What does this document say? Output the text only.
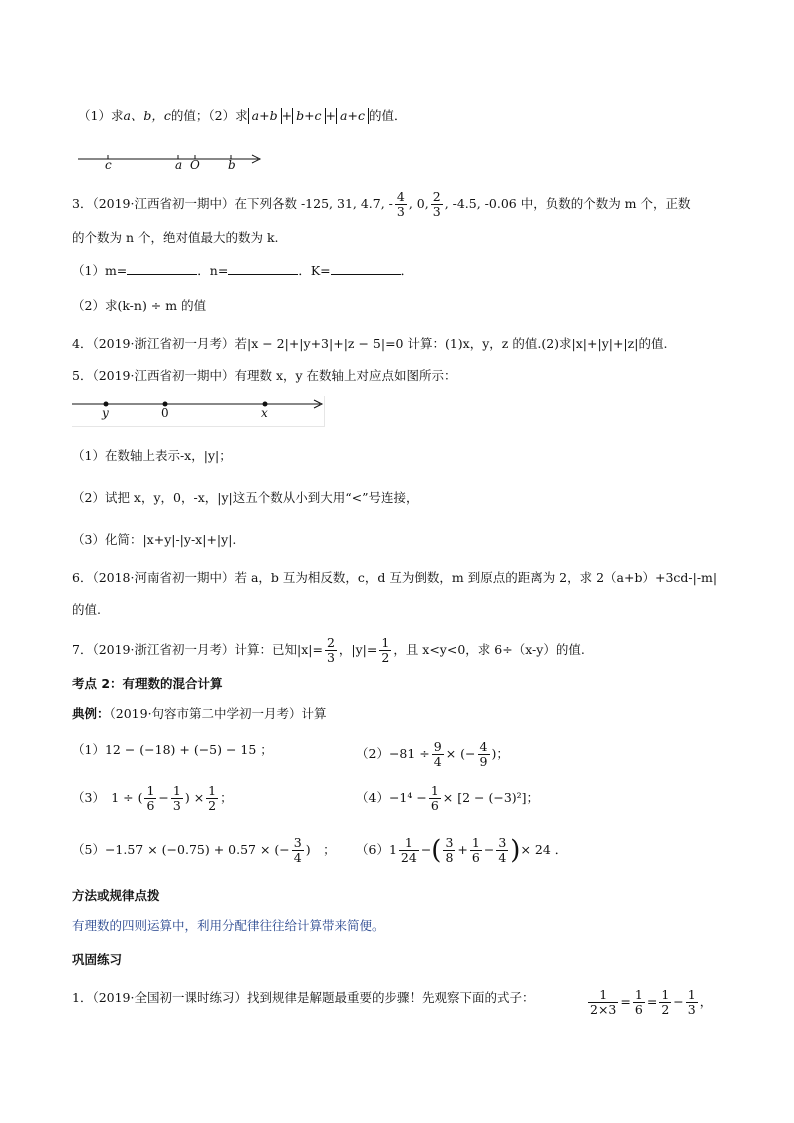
（1）求a、b，c的值；（2）求 a+b + b+c + a+c 的值．
c	a O b
3．（2019·江西省初一期中）在下列各数 -125, 31, 4.7, - $\frac{4}{3}$ , 0, $\frac{2}{3}$ , -4.5, -0.06 中，负数的个数为 m 个，正数
的个数为 n 个，绝对值最大的数为 k.
（1）m=	．n=	．K=	．
（2）求(k-n) ÷ m 的值
4．（2019·浙江省初一月考）若|x − 2|+|y+3|+|z − 5|=0 计算：(1)x，y，z 的值.(2)求|x|+|y|+|z|的值.
5．（2019·江西省初一期中）有理数 x，y 在数轴上对应点如图所示：
y	0	x
（1）在数轴上表示-x，|y|；
（2）试把 x，y，0，-x，|y|这五个数从小到大用“<”号连接，
（3）化简：|x+y|-|y-x|+|y|.
6．（2018·河南省初一期中）若 a，b 互为相反数，c，d 互为倒数，m 到原点的距离为 2，求 2（a+b）+3cd-|-m|
的值.
7．（2019·浙江省初一月考）计算：已知$|x|= \frac{2}{3}$ ，$|y|= \frac{1}{2}$ ，且 x<y<0，求 6÷（x-y）的值.
考点 2：有理数的混合计算
典例：（2019·句容市第二中学初一月考）计算
（1）12 − (−18) + (−5) − 15 ；	$(2)-81 \div \frac{9}{4}$ × (− $\frac{4}{9}$ )；
（3）　1 ÷ ( $\frac{1}{6} - \frac{1}{3}$ ) × $\frac{1}{2}$ ；	$(4)-1^4 - \frac{1}{6} \times [2 - (-3)^2]$；
（5）−1.57 × (−0.75) + 0.57 × (− $\frac{3}{4}$ )　； $(6)1 \frac{1}{24}$ −( $\frac{3}{8} + \frac{1}{6} - \frac{3}{4}$ )× 24 ．
方法或规律点拨
有理数的四则运算中，利用分配律往往给计算带来简便。
巩固练习
1．（2019·全国初一课时练习）找到规律是解题最重要的步骤！先观察下面的式子：	$\frac{1}{2\times 3} = \frac{1}{6} = \frac{1}{2} - \frac{1}{3}$ ，
